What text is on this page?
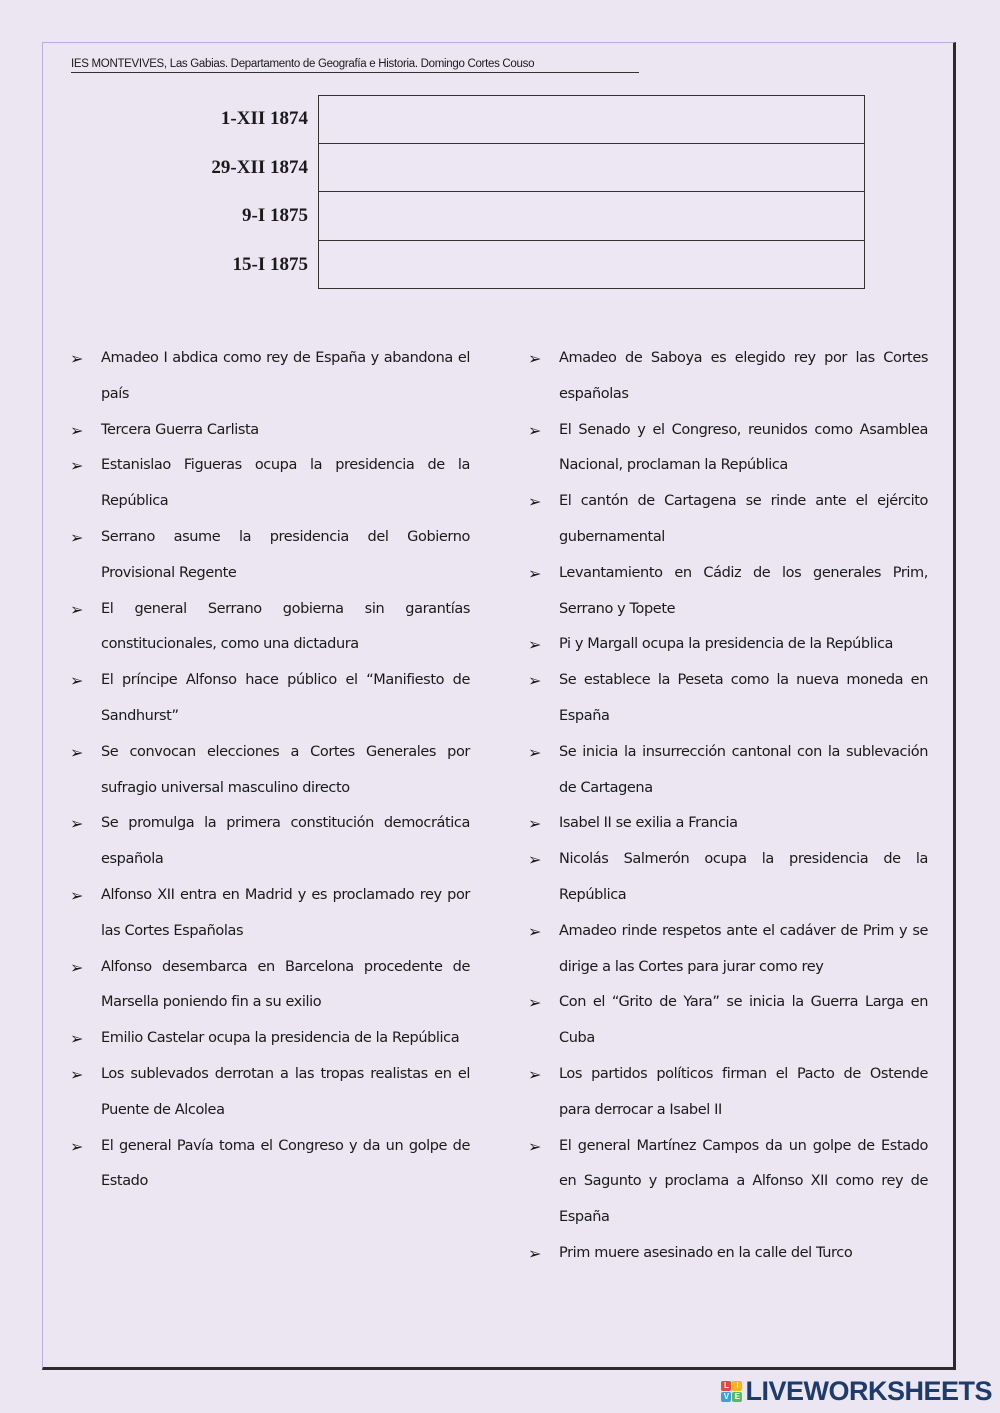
IES MONTEVIVES, Las Gabias. Departamento de Geografía e Historia. Domingo Cortes Couso
1-XII 1874
29-XII 1874
9-I 1875
15-I 1875
➢	Amadeo I abdica como rey de España y abandona el país
➢	Tercera Guerra Carlista
➢	Estanislao Figueras ocupa la presidencia de la República
➢	Serrano asume la presidencia del Gobierno Provisional Regente
➢	El general Serrano gobierna sin garantías constitucionales, como una dictadura
➢	El príncipe Alfonso hace público el “Manifiesto de Sandhurst”
➢	Se convocan elecciones a Cortes Generales por sufragio universal masculino directo
➢	Se promulga la primera constitución democrática española
➢	Alfonso XII entra en Madrid y es proclamado rey por las Cortes Españolas
➢	Alfonso desembarca en Barcelona procedente de Marsella poniendo fin a su exilio
➢	Emilio Castelar ocupa la presidencia de la República
➢	Los sublevados derrotan a las tropas realistas en el Puente de Alcolea
➢	El general Pavía toma el Congreso y da un golpe de Estado
➢	Amadeo de Saboya es elegido rey por las Cortes españolas
➢	El Senado y el Congreso, reunidos como Asamblea Nacional, proclaman la República
➢	El cantón de Cartagena se rinde ante el ejército gubernamental
➢	Levantamiento en Cádiz de los generales Prim, Serrano y Topete
➢	Pi y Margall ocupa la presidencia de la República
➢	Se establece la Peseta como la nueva moneda en España
➢	Se inicia la insurrección cantonal con la sublevación de Cartagena
➢	Isabel II se exilia a Francia
➢	Nicolás Salmerón ocupa la presidencia de la República
➢	Amadeo rinde respetos ante el cadáver de Prim y se dirige a las Cortes para jurar como rey
➢	Con el “Grito de Yara” se inicia la Guerra Larga en Cuba
➢	Los partidos políticos firman el Pacto de Ostende para derrocar a Isabel II
➢	El general Martínez Campos da un golpe de Estado en Sagunto y proclama a Alfonso XII como rey de España
➢	Prim muere asesinado en la calle del Turco
L I
V E LIVEWORKSHEETS
